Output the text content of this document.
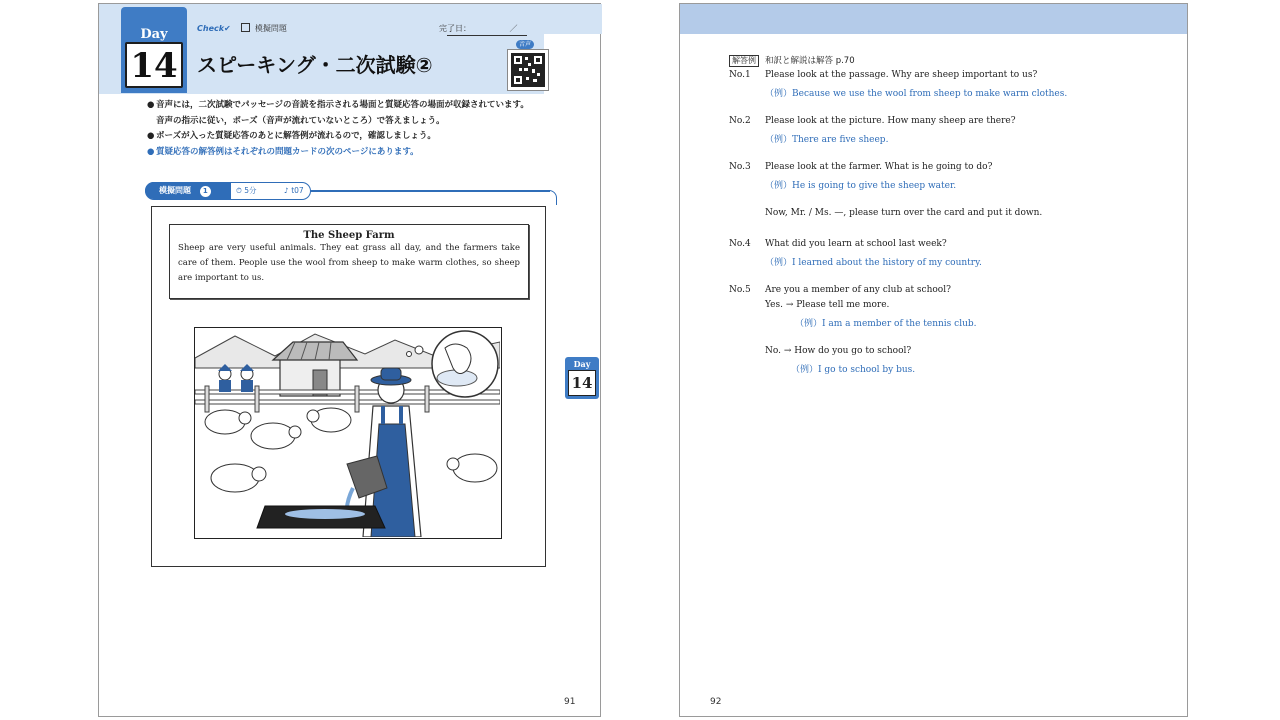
Day
14
Check✔	模擬問題	完了日：	／
スピーキング・二次試験②
音声
● 音声には，二次試験でパッセージの音読を指示される場面と質疑応答の場面が収録されています。
音声の指示に従い，ポーズ（音声が流れていないところ）で答えましょう。
● ポーズが入った質疑応答のあとに解答例が流れるので，確認しましょう。
● 質疑応答の解答例はそれぞれの問題カードの次のページにあります。
模擬問題 1	⏱ 5分	♪ t07
The Sheep Farm
Sheep are very useful animals. They eat grass all day, and the farmers take care of them. People use the wool from sheep to make warm clothes, so sheep are important to us.
91
Day
14
解答例 和訳と解説は解答 p.70
No.1 Please look at the passage. Why are sheep important to us?
（例）Because we use the wool from sheep to make warm clothes.
No.2 Please look at the picture. How many sheep are there?
（例）There are five sheep.
No.3 Please look at the farmer. What is he going to do?
（例）He is going to give the sheep water.
Now, Mr. / Ms. —, please turn over the card and put it down.
No.4 What did you learn at school last week?
（例）I learned about the history of my country.
No.5 Are you a member of any club at school?
Yes. → Please tell me more.
（例）I am a member of the tennis club.
No. → How do you go to school?
（例）I go to school by bus.
92
